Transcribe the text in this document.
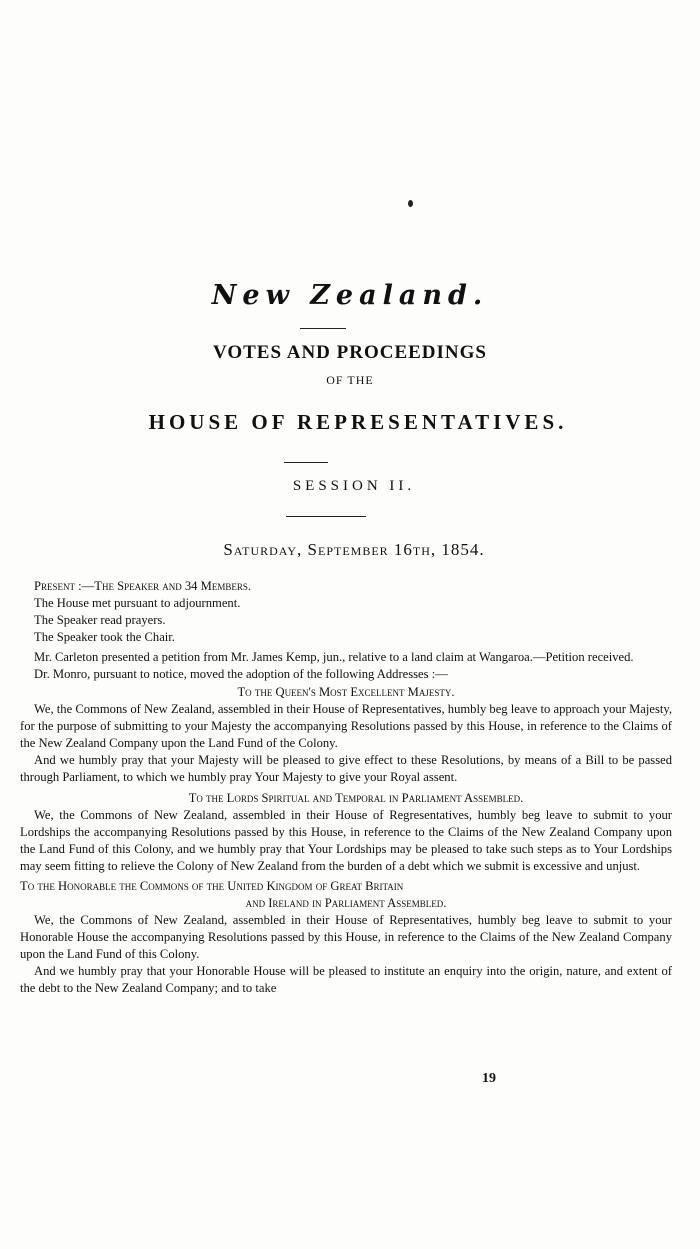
New Zealand.
VOTES AND PROCEEDINGS
OF THE
HOUSE OF REPRESENTATIVES.
SESSION II.
Saturday, September 16th, 1854.

Present :—The Speaker and 34 Members.

The House met pursuant to adjournment.

The Speaker read prayers.

The Speaker took the Chair.

Mr. Carleton presented a petition from Mr. James Kemp, jun., relative to a land claim at Wangaroa.—Petition received.

Dr. Monro, pursuant to notice, moved the adoption of the following Addresses :—

To the Queen's Most Excellent Majesty.

We, the Commons of New Zealand, assembled in their House of Representatives, humbly beg leave to approach your Majesty, for the purpose of submitting to your Majesty the accompanying Resolutions passed by this House, in reference to the Claims of the New Zealand Company upon the Land Fund of the Colony.

And we humbly pray that your Majesty will be pleased to give effect to these Resolutions, by means of a Bill to be passed through Parliament, to which we humbly pray Your Majesty to give your Royal assent.

To the Lords Spiritual and Temporal in Parliament Assembled.

We, the Commons of New Zealand, assembled in their House of Regresentatives, humbly beg leave to submit to your Lordships the accompanying Resolutions passed by this House, in reference to the Claims of the New Zealand Company upon the Land Fund of this Colony, and we humbly pray that Your Lordships may be pleased to take such steps as to Your Lordships may seem fitting to relieve the Colony of New Zealand from the burden of a debt which we submit is excessive and unjust.

To the Honorable the Commons of the United Kingdom of Great Britain

and Ireland in Parliament Assembled.

We, the Commons of New Zealand, assembled in their House of Representatives, humbly beg leave to submit to your Honorable House the accompanying Resolutions passed by this House, in reference to the Claims of the New Zealand Company upon the Land Fund of this Colony.

And we humbly pray that your Honorable House will be pleased to institute an enquiry into the origin, nature, and extent of the debt to the New Zealand Company; and to take

19
